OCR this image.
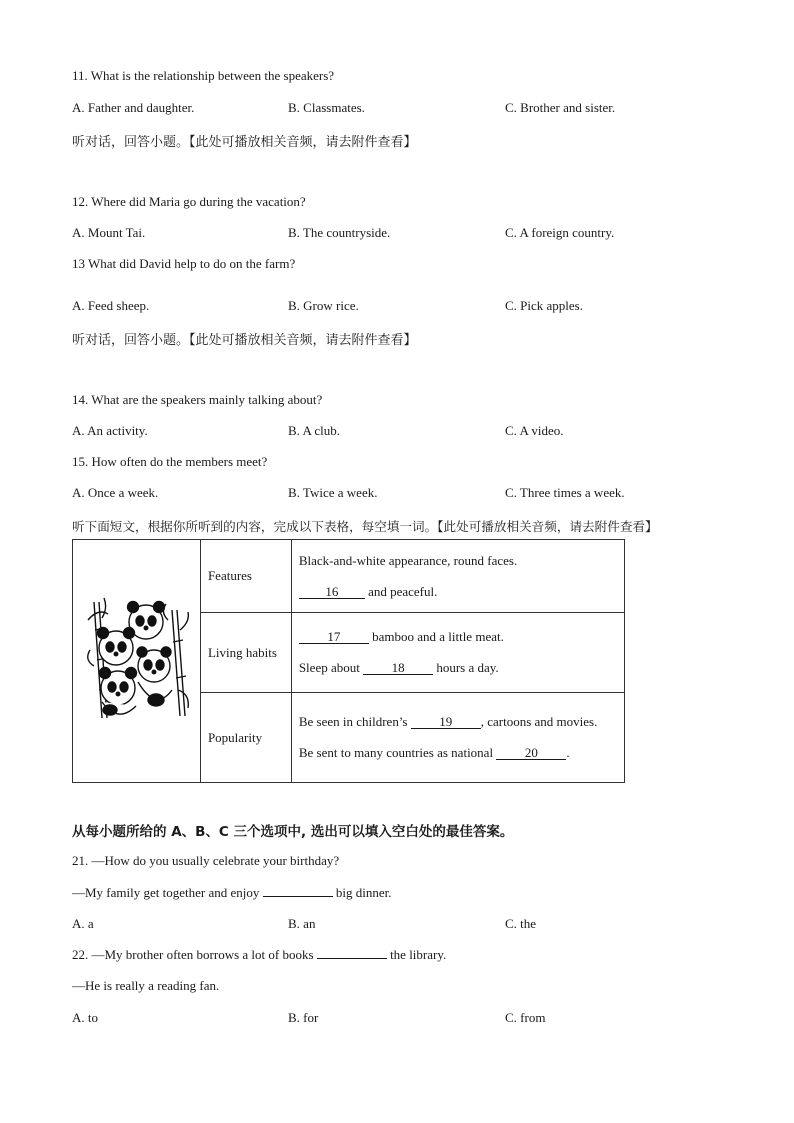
11. What is the relationship between the speakers?
A. Father and daughter.	B. Classmates.	C. Brother and sister.
听对话，回答小题。【此处可播放相关音频，请去附件查看】
12. Where did Maria go during the vacation?
A. Mount Tai.	B. The countryside.	C. A foreign country.
13 What did David help to do on the farm?
A. Feed sheep.	B. Grow rice.	C. Pick apples.
听对话，回答小题。【此处可播放相关音频，请去附件查看】
14. What are the speakers mainly talking about?
A. An activity.	B. A club.	C. A video.
15. How often do the members meet?
A. Once a week.	B. Twice a week.	C. Three times a week.
听下面短文，根据你所听到的内容，完成以下表格，每空填一词。【此处可播放相关音频，请去附件查看】
	Features	Black-and-white appearance, round faces.

16 and peaceful.

	Living habits	17 bamboo and a little meat.

Sleep about 18 hours a day.

	Popularity	Be seen in children’s 19 , cartoons and movies.

Be sent to many countries as national 20 .

从每小题所给的 A、B、C 三个选项中, 选出可以填入空白处的最佳答案。
21. —How do you usually celebrate your birthday?
—My family get together and enjoy	big dinner.
A. a	B. an	C. the
22. —My brother often borrows a lot of books	the library.
—He is really a reading fan.
A. to	B. for	C. from
